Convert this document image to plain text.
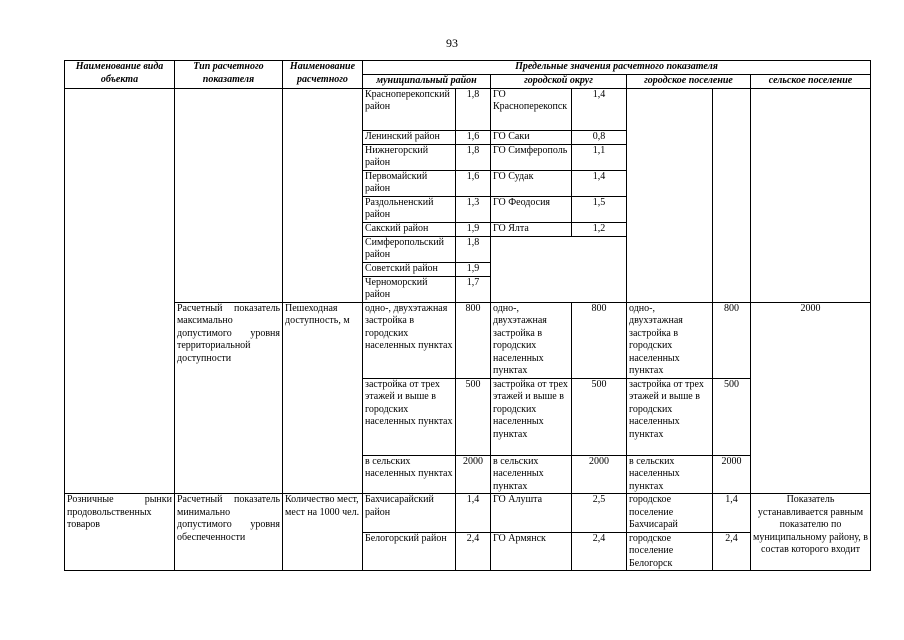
93
Наименование вида объекта	Тип расчетного показателя	Наименование расчетного	Предельные значения расчетного показателя						
			муниципальный район		городской округ		городское поселение		сельское поселение
			Красноперекопский район	1,8	ГО Красноперекопск	1,4			
			Ленинский район	1,6	ГО Саки	0,8			
			Нижнегорский район	1,8	ГО Симферополь	1,1			
			Первомайский район	1,6	ГО Судак	1,4			
			Раздольненский район	1,3	ГО Феодосия	1,5			
			Сакский район	1,9	ГО Ялта	1,2			
			Симферопольский район	1,8					
			Советский район	1,9					
			Черноморский район	1,7					
	Расчетный показатель максимально допустимого уровня территориальной доступности	Пешеходная доступность, м	одно-, двухэтажная застройка в городских населенных пунктах	800	одно-, двухэтажная застройка в городских населенных пунктах	800	одно-, двухэтажная застройка в городских населенных пунктах	800	2000
			застройка от трех этажей и выше в городских населенных пунктах	500	застройка от трех этажей и выше в городских населенных пунктах	500	застройка от трех этажей и выше в городских населенных пунктах	500	
			в сельских населенных пунктах	2000	в сельских населенных пунктах	2000	в сельских населенных пунктах	2000	
Розничные рынки продовольственных товаров	Расчетный показатель минимально допустимого уровня обеспеченности	Количество мест, мест на 1000 чел.	Бахчисарайский район	1,4	ГО Алушта	2,5	городское поселение Бахчисарай	1,4	Показатель устанавливается равным показателю по муниципальному району, в состав которого входит
			Белогорский район	2,4	ГО Армянск	2,4	городское поселение Белогорск	2,4	
